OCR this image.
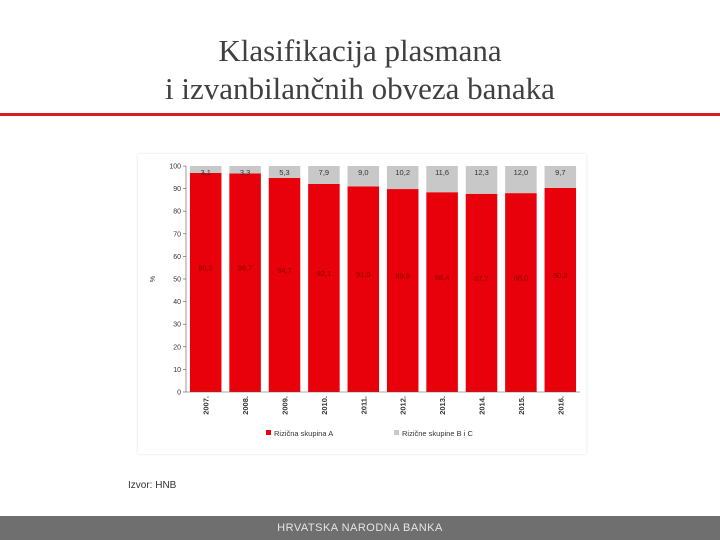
Klasifikacija plasmana
i izvanbilančnih obveza banaka
0
10
20
30
40
50
60
70
80
90
100
%
96,9
3,1
2007.
96,7
3,3
2008.
94,7
5,3
2009.
92,1
7,9
2010.
91,0
9,0
2011.
89,8
10,2
2012.
88,4
11,6
2013.
87,7
12,3
2014.
88,0
12,0
2015.
90,3
9,7
2016.
Rizična skupina A	Rizične skupine B i C
Izvor: HNB
HRVATSKA NARODNA BANKA
